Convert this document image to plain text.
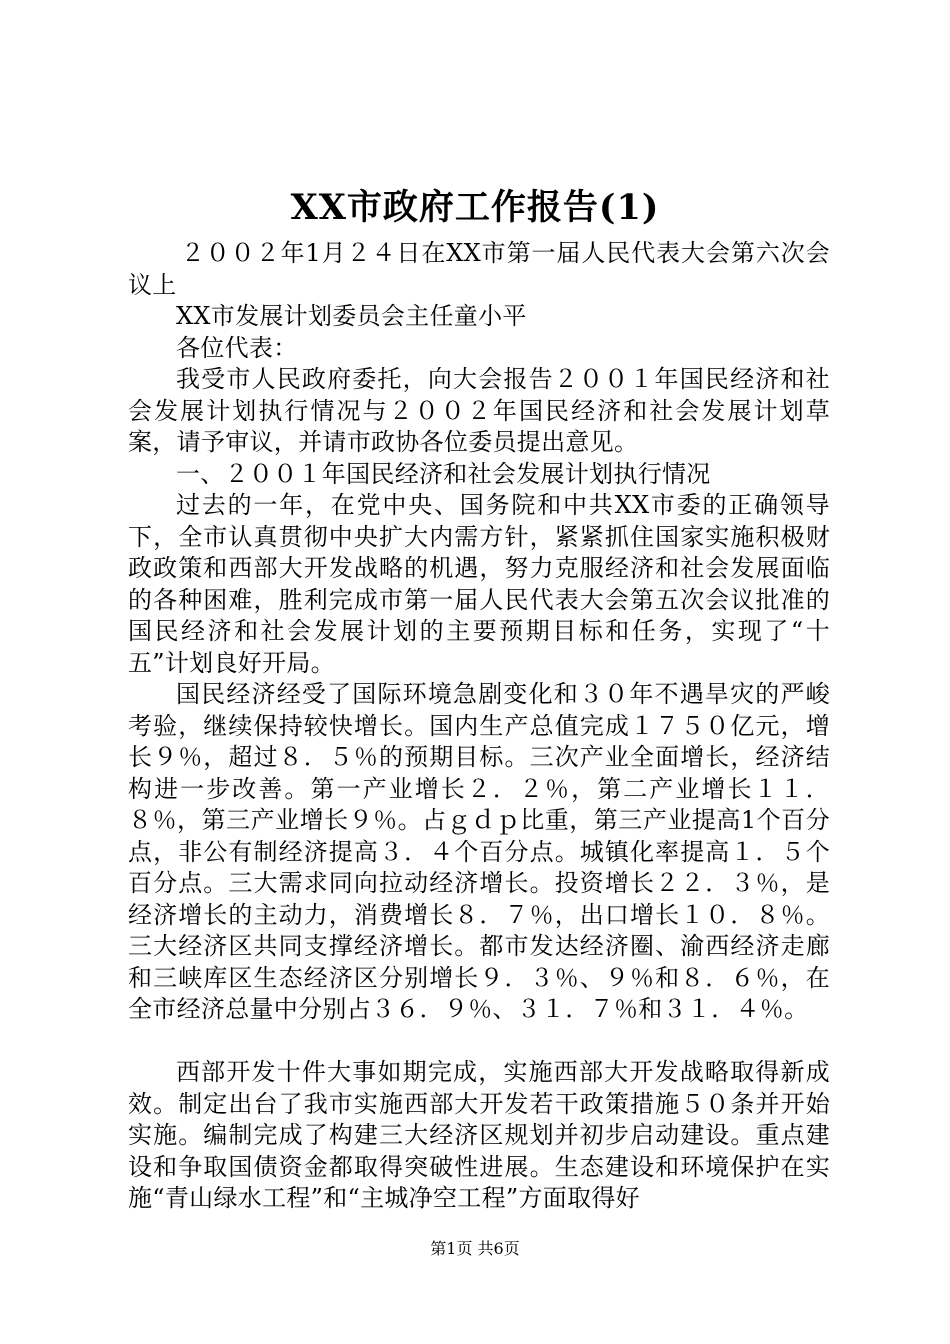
XX市政府工作报告(1)

２００２年1月２４日在XX市第一届人民代表大会第六次会议上

XX市发展计划委员会主任童小平

各位代表：

我受市人民政府委托，向大会报告２００１年国民经济和社会发展计划执行情况与２００２年国民经济和社会发展计划草案，请予审议，并请市政协各位委员提出意见。

一、２００１年国民经济和社会发展计划执行情况

过去的一年，在党中央、国务院和中共XX市委的正确领导下，全市认真贯彻中央扩大内需方针，紧紧抓住国家实施积极财政政策和西部大开发战略的机遇，努力克服经济和社会发展面临的各种困难，胜利完成市第一届人民代表大会第五次会议批准的国民经济和社会发展计划的主要预期目标和任务，实现了“十五”计划良好开局。

国民经济经受了国际环境急剧变化和３０年不遇旱灾的严峻考验，继续保持较快增长。国内生产总值完成１７５０亿元，增长９％，超过８．５％的预期目标。三次产业全面增长，经济结构进一步改善。第一产业增长２．２％，第二产业增长１１．８％，第三产业增长９％。占ｇｄｐ比重，第三产业提高1个百分点，非公有制经济提高３．４个百分点。城镇化率提高１．５个百分点。三大需求同向拉动经济增长。投资增长２２．３％，是经济增长的主动力，消费增长８．７％，出口增长１０．８％。三大经济区共同支撑经济增长。都市发达经济圈、渝西经济走廊和三峡库区生态经济区分别增长９．３％、９％和８．６％，在全市经济总量中分别占３６．９％、３１．７％和３１．４％。

西部开发十件大事如期完成，实施西部大开发战略取得新成效。制定出台了我市实施西部大开发若干政策措施５０条并开始实施。编制完成了构建三大经济区规划并初步启动建设。重点建设和争取国债资金都取得突破性进展。生态建设和环境保护在实施“青山绿水工程”和“主城净空工程”方面取得好

第1页 共6页
